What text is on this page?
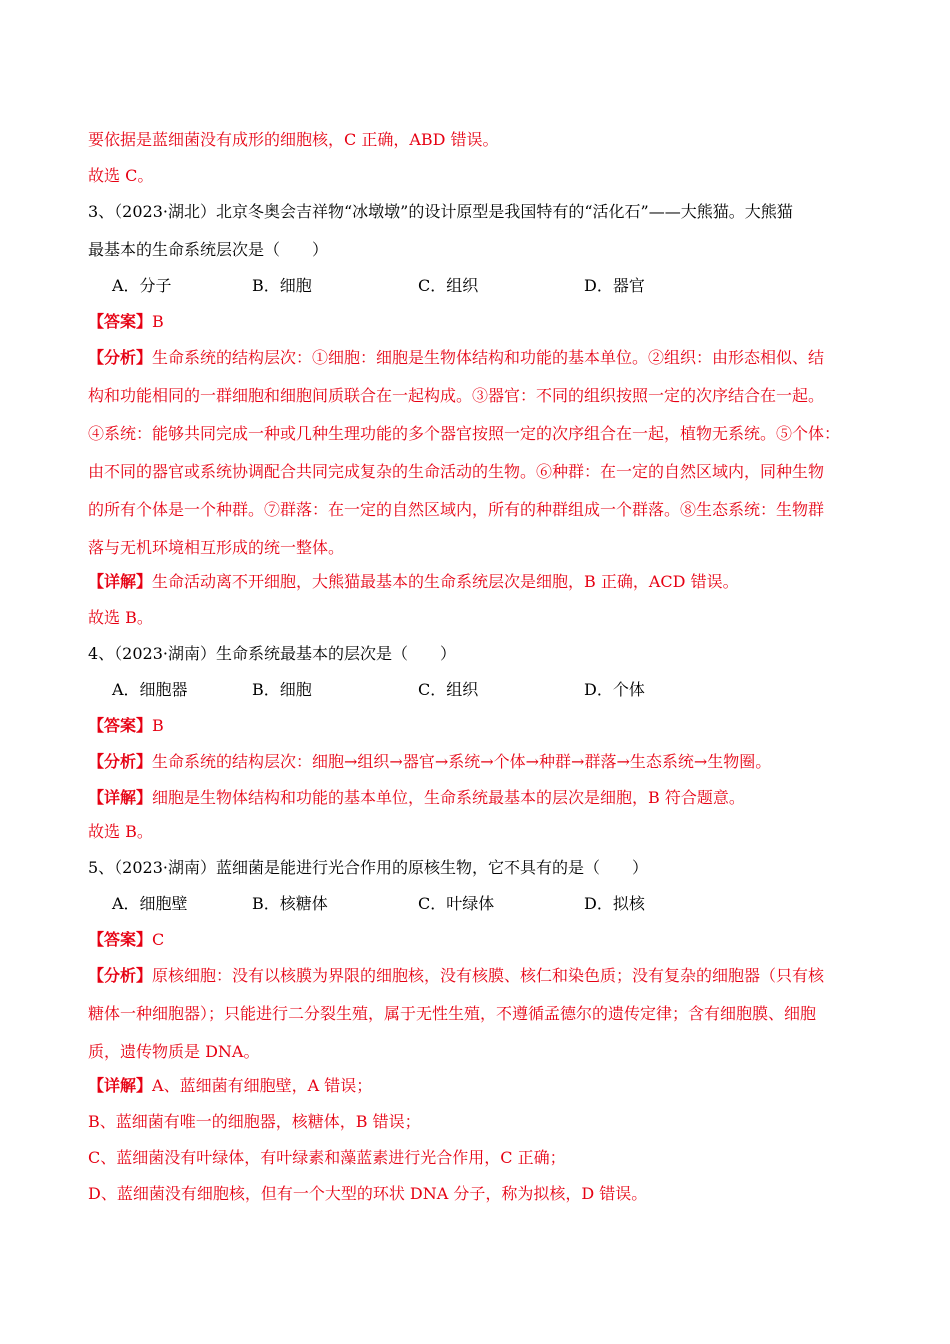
要依据是蓝细菌没有成形的细胞核，C 正确，ABD 错误。
故选 C。
3、（2023·湖北）北京冬奥会吉祥物“冰墩墩”的设计原型是我国特有的“活化石”——大熊猫。大熊猫
最基本的生命系统层次是（　　）
A．分子	B．细胞	C．组织	D．器官
【答案】B
【分析】生命系统的结构层次：①细胞：细胞是生物体结构和功能的基本单位。②组织：由形态相似、结
构和功能相同的一群细胞和细胞间质联合在一起构成。③器官：不同的组织按照一定的次序结合在一起。
④系统：能够共同完成一种或几种生理功能的多个器官按照一定的次序组合在一起，植物无系统。⑤个体：
由不同的器官或系统协调配合共同完成复杂的生命活动的生物。⑥种群：在一定的自然区域内，同种生物
的所有个体是一个种群。⑦群落：在一定的自然区域内，所有的种群组成一个群落。⑧生态系统：生物群
落与无机环境相互形成的统一整体。
【详解】生命活动离不开细胞，大熊猫最基本的生命系统层次是细胞，B 正确，ACD 错误。
故选 B。
4、（2023·湖南）生命系统最基本的层次是（　　）
A．细胞器	B．细胞	C．组织	D．个体
【答案】B
【分析】生命系统的结构层次：细胞→组织→器官→系统→个体→种群→群落→生态系统→生物圈。
【详解】细胞是生物体结构和功能的基本单位，生命系统最基本的层次是细胞，B 符合题意。
故选 B。
5、（2023·湖南）蓝细菌是能进行光合作用的原核生物，它不具有的是（　　）
A．细胞壁	B．核糖体	C．叶绿体	D．拟核
【答案】C
【分析】原核细胞：没有以核膜为界限的细胞核，没有核膜、核仁和染色质；没有复杂的细胞器（只有核
糖体一种细胞器）；只能进行二分裂生殖，属于无性生殖，不遵循孟德尔的遗传定律；含有细胞膜、细胞
质，遗传物质是 DNA。
【详解】A、蓝细菌有细胞壁，A 错误；
B、蓝细菌有唯一的细胞器，核糖体，B 错误；
C、蓝细菌没有叶绿体，有叶绿素和藻蓝素进行光合作用，C 正确；
D、蓝细菌没有细胞核，但有一个大型的环状 DNA 分子，称为拟核，D 错误。
